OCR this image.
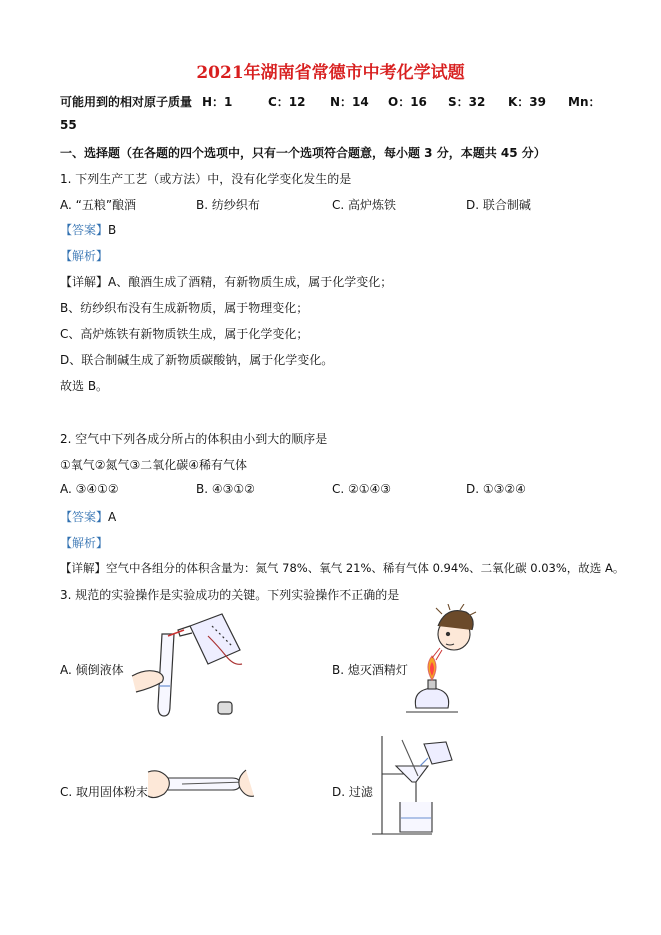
2021年湖南省常德市中考化学试题
可能用到的相对原子质量 H：1	C：12 N：14 O：16 S：32 K：39 Mn：
55
一、选择题（在各题的四个选项中，只有一个选项符合题意，每小题 3 分，本题共 45 分）
1. 下列生产工艺（或方法）中，没有化学变化发生的是
A. “五粮”酿酒	B. 纺纱织布	C. 高炉炼铁	D. 联合制碱
【答案】B
【解析】
【详解】A、酿酒生成了酒精，有新物质生成，属于化学变化；
B、纺纱织布没有生成新物质，属于物理变化；
C、高炉炼铁有新物质铁生成，属于化学变化；
D、联合制碱生成了新物质碳酸钠，属于化学变化。
故选 B。
2. 空气中下列各成分所占的体积由小到大的顺序是
①氧气②氮气③二氧化碳④稀有气体
A. ③④①②	B. ④③①②	C. ②①④③	D. ①③②④
【答案】A
【解析】
【详解】空气中各组分的体积含量为：氮气 78%、氧气 21%、稀有气体 0.94%、二氧化碳 0.03%，故选 A。
3. 规范的实验操作是实验成功的关键。下列实验操作不正确的是
A. 倾倒液体	B. 熄灭酒精灯
C. 取用固体粉末	D. 过滤
